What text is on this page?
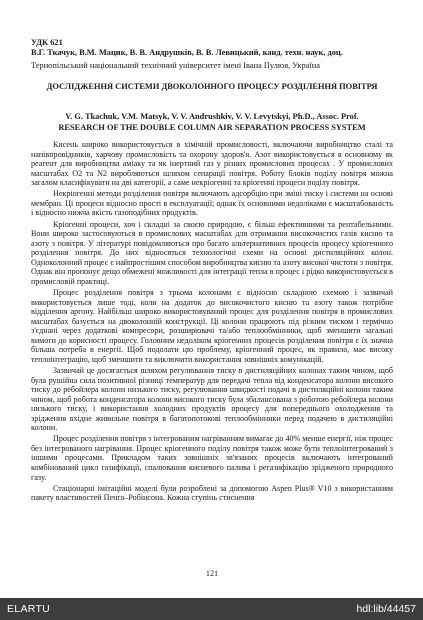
УДК 621
В.Г. Ткачук, В.М. Мацик, В. В. Андрушків, В. В. Левицький, канд. техн. наук, доц.
Тернопільський національний технічний університет імені Івана Пулюя, Україна
ДОСЛІДЖЕННЯ СИСТЕМИ ДВОКОЛОННОГО ПРОЦЕСУ РОЗДІЛЕННЯ ПОВІТРЯ
V. G. Tkachuk, V.M. Matsyk, V. V. Andrushkiv, V. V. Levytskyi, Ph.D., Assoc. Prof.
RESEARCH OF THE DOUBLE COLUMN AIR SEPARATION PROCESS SYSTEM

Кисень широко використовується в хімічній промисловості, включаючи виробництво сталі та напівпровідників, харчову промисловість та охорону здоров'я. Азот використовується в основному як реагент для виробництва аміаку та як інертний газ у різних промислових процесах . У промислових масштабах O2 та N2 виробляються шляхом сепарації повітря. Роботу блоків поділу повітря можна загалом класифікувати на дві категорії, а саме некріогенні та кріогенні процеси поділу повітря.

Некріогенні методи розділення повітря включають адсорбцію при зміні тиску і системи на основі мембран. Ці процеси відносно прості в експлуатації; однак їх основними недоліками є масштабованість і відносно нижча якість газоподібних продуктів.

Кріогенні процеси, хоч і складні за своєю природою, є більш ефективними та рентабельними. Вони широко застосовуються в промислових масштабах для отримання високочистих газів кисню та азоту з повітря. У літературі повідомляються про багато альтернативних процесів процесу кріогенного розділення повітря. До них відносяться технологічні схеми на основі дистиляційних колон. Одноколонний процес є найпростішим способом виробництва кисню та азоту високої чистоти з повітря. Однак він пропонує дещо обмежені можливості для інтеграції тепла в процес і рідко використовується в промисловій практиці.

Процес розділення повітря з трьома колонами є відносно складною схемою і зазвичай використовується лише тоді, коли на додаток до високочистого кисню та азоту також потрібне відділення аргону. Найбільш широко використовуваний процес для розділення повітря в промислових масштабах базується на двоколонній конструкції. Ці колони працюють під різним тиском і термічно з'єднані через додаткові компресори, розширювачі та/або теплообмінники, щоб зменшити загальні вимоги до корисності процесу. Головним недоліком кріогенних процесів розділення повітря є їх значна більша потреба в енергії. Щоб подолати цю проблему, кріогенний процес, як правило, має високу теплоінтеграцію, щоб зменшити та виключити використання зовнішніх комунікацій.

Зазвичай це досягається шляхом регулювання тиску в дистиляційних колонах таким чином, щоб була рушійна сила позитивної різниці температур для передачі тепла від конденсатора колони високого тиску до ребойлера колони низького тиску, регулювання швидкості подачі в дистиляційні колони таким чином, щоб робота конденсатора колони високого тиску була збалансована з роботою ребойлера колони низького тиску, і використання холодних продуктів процесу для попереднього охолодження та зрідження вхідне живильне повітря в багатопотокові теплообмінники перед подачею в дистиляційні колони.

Процес розділення повітря з інтегрованим нагріванням вимагає до 40% менше енергії, ніж процес без інтегрованого нагрівання. Процес кріогенного поділу повітря також може бути теплоінтегрований з іншими процесами. Прикладом таких зовнішніх зв'язаних процесів включають інтегрований комбінований цикл газифікації, спалювання кисневого палива і регазифікацію зрідженого природного газу.

Стаціонарні імітаційні моделі були розроблені за допомогою Aspen Plus® V10 з використанням пакету властивостей Пенга–Робінсона. Кожна ступінь стиснення

121
ELARTU	hdl:lib/44457
